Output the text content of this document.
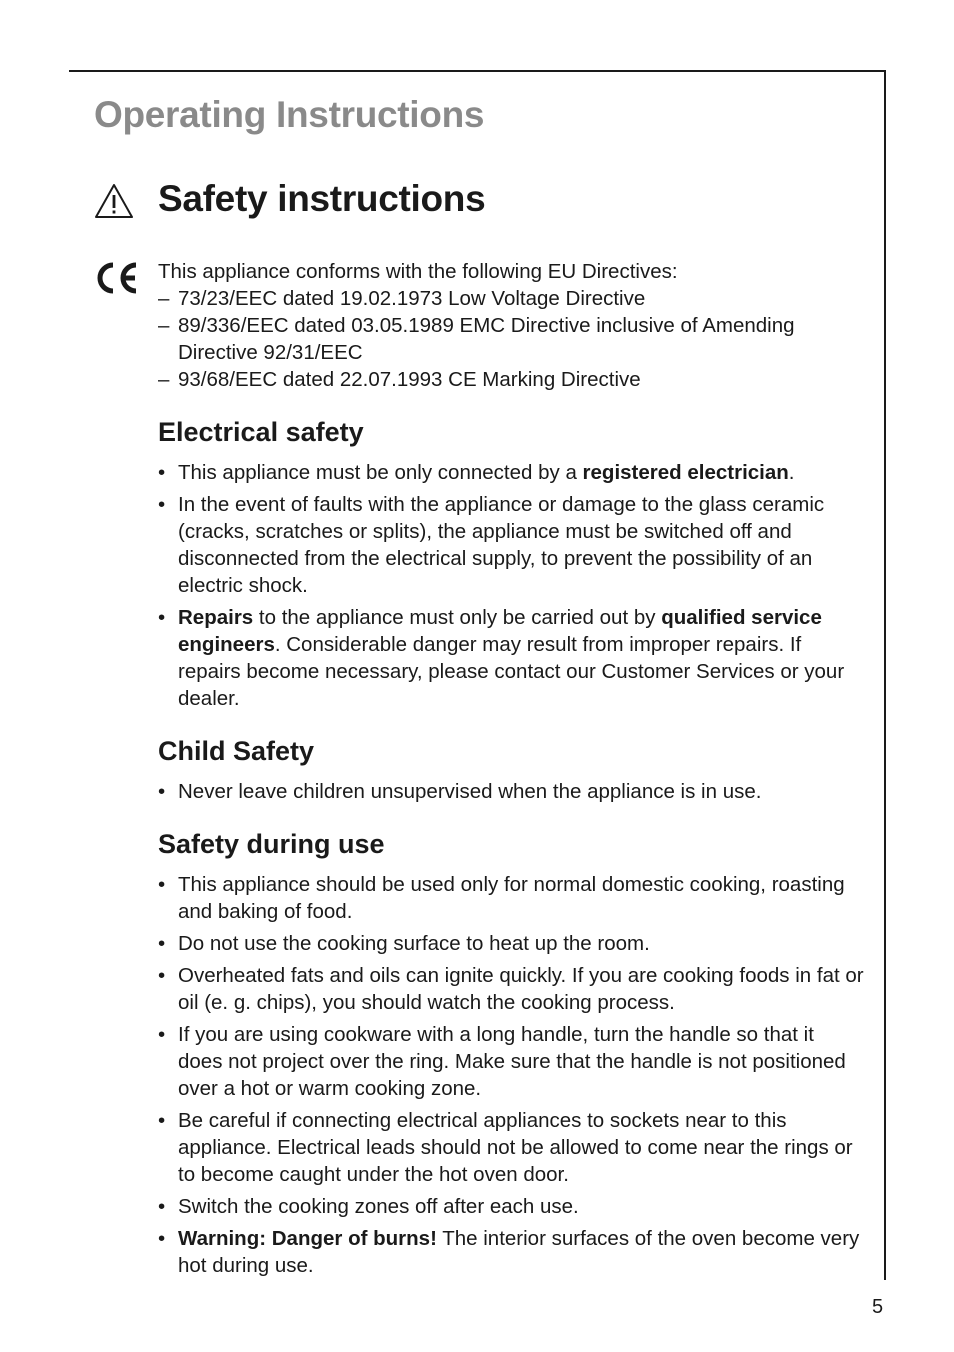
Operating Instructions
Safety instructions

This appliance conforms with the following EU Directives:

– 73/23/EEC dated 19.02.1973 Low Voltage Directive
– 89/336/EEC dated 03.05.1989 EMC Directive inclusive of Amending Directive 92/31/EEC
– 93/68/EEC dated 22.07.1993 CE Marking Directive
Electrical safety
• This appliance must be only connected by a registered electrician.
• In the event of faults with the appliance or damage to the glass ceramic (cracks, scratches or splits), the appliance must be switched off and disconnected from the electrical supply, to prevent the possibility of an electric shock.
• Repairs to the appliance must only be carried out by qualified service engineers. Considerable danger may result from improper repairs. If repairs become necessary, please contact our Customer Services or your dealer.
Child Safety
• Never leave children unsupervised when the appliance is in use.
Safety during use
• This appliance should be used only for normal domestic cooking, roasting and baking of food.
• Do not use the cooking surface to heat up the room.
• Overheated fats and oils can ignite quickly. If you are cooking foods in fat or oil (e. g. chips), you should watch the cooking process.
• If you are using cookware with a long handle, turn the handle so that it does not project over the ring. Make sure that the handle is not positioned over a hot or warm cooking zone.
• Be careful if connecting electrical appliances to sockets near to this appliance. Electrical leads should not be allowed to come near the rings or to become caught under the hot oven door.
• Switch the cooking zones off after each use.
• Warning: Danger of burns! The interior surfaces of the oven become very hot during use.
5
